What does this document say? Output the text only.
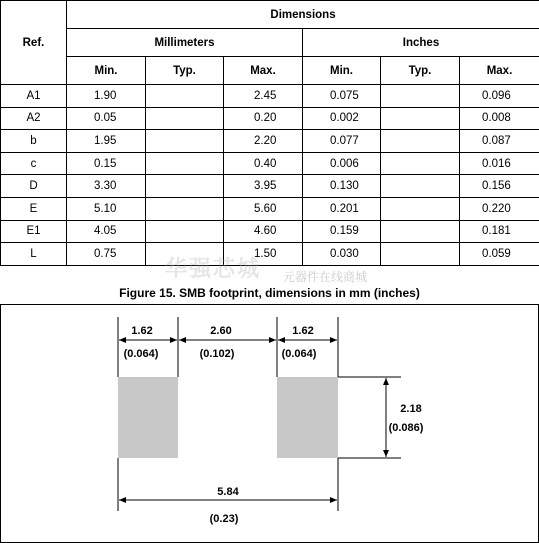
Ref.	Dimensions					
	Millimeters			Inches		
	Min.	Typ.	Max.	Min.	Typ.	Max.
A1	1.90		2.45	0.075		0.096
A2	0.05		0.20	0.002		0.008
b	1.95		2.20	0.077		0.087
c	0.15		0.40	0.006		0.016
D	3.30		3.95	0.130		0.156
E	5.10		5.60	0.201		0.220
E1	4.05		4.60	0.159		0.181
L	0.75		1.50	0.030		0.059
华强芯城 元器件在线商城
Figure 15. SMB footprint, dimensions in mm (inches)
1.62
(0.064)
2.60
(0.102)
1.62
(0.064)
2.18
(0.086)
5.84
(0.23)
